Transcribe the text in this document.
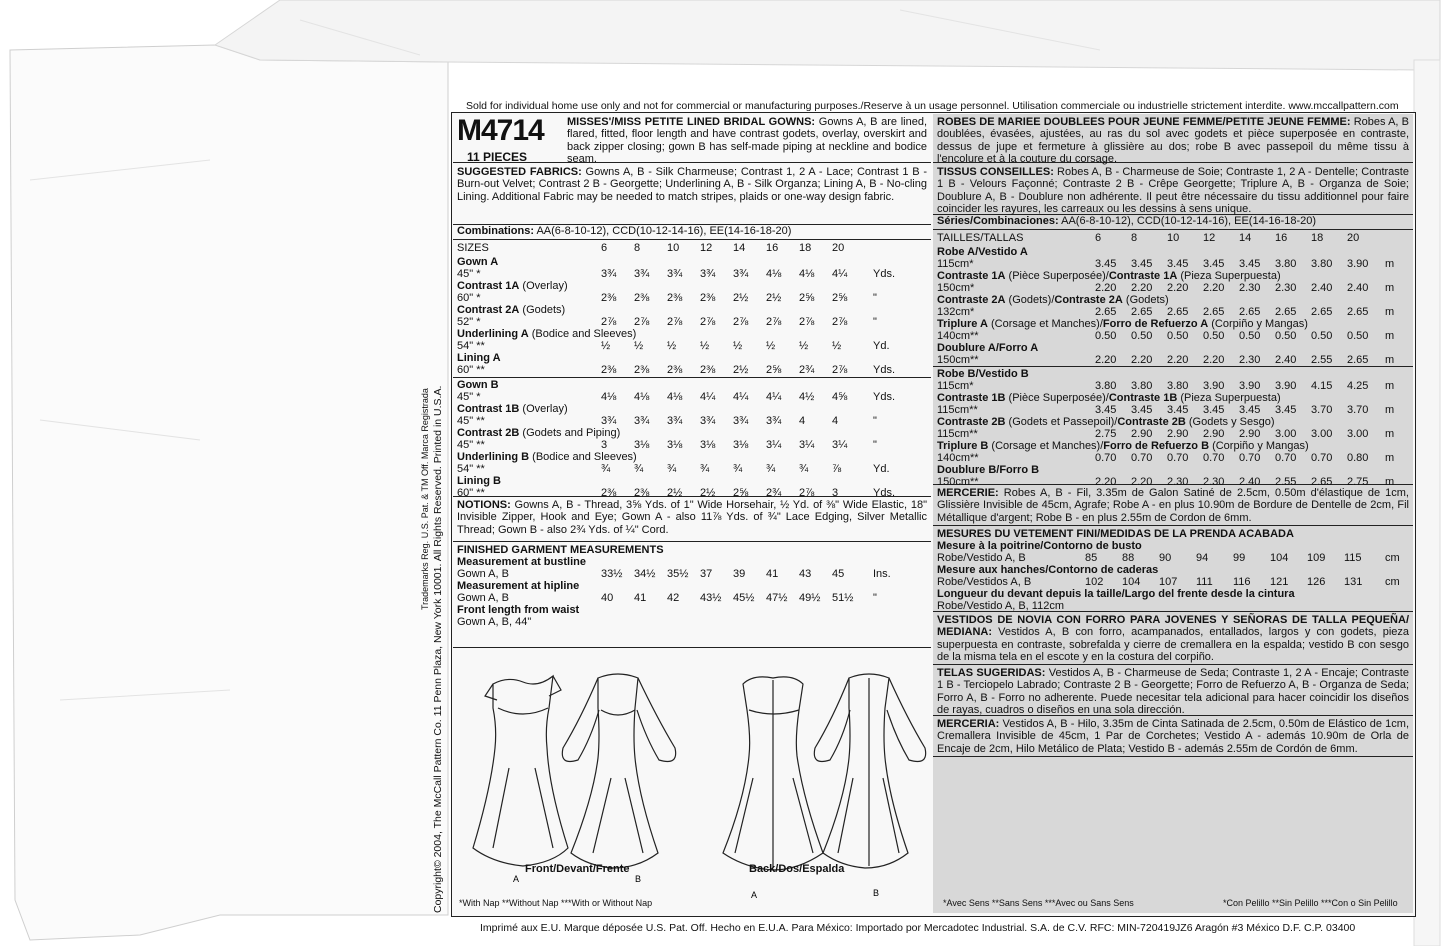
Sold for individual home use only and not for commercial or manufacturing purposes./Reserve à un usage personnel. Utilisation commerciale ou industrielle strictement interdite. www.mccallpattern.com
Copyright© 2004, The McCall Pattern Co. 11 Penn Plaza, New York 10001. All Rights Reserved. Printed in U.S.A.
Trademarks Reg. U.S. Pat. & TM Off. Marca Registrada
M4714
11 PIECES
MISSES'/MISS PETITE LINED BRIDAL GOWNS: Gowns A, B are lined, flared, fitted, floor length and have contrast godets, overlay, overskirt and back zipper closing; gown B has self-made piping at neckline and bodice seam.
SUGGESTED FABRICS: Gowns A, B - Silk Charmeuse; Contrast 1, 2 A - Lace; Contrast 1 B - Burn-out Velvet; Contrast 2 B - Georgette; Underlining A, B - Silk Organza; Lining A, B - No-cling Lining. Additional Fabric may be needed to match stripes, plaids or one-way design fabric.
Combinations: AA(6-8-10-12), CCD(10-12-14-16), EE(14-16-18-20)
SIZES	6 8 10 12 14 16 18 20
Gown A
45" *	3¾ 3¾ 3¾ 3¾ 3¾ 4⅛ 4⅛ 4¼ Yds.
Contrast 1A (Overlay)
60" *	2⅜ 2⅜ 2⅜ 2⅜ 2½ 2½ 2⅝ 2⅝ "
Contrast 2A (Godets)
52" *	2⅞ 2⅞ 2⅞ 2⅞ 2⅞ 2⅞ 2⅞ 2⅞ "
Underlining A (Bodice and Sleeves)
54" **	½ ½ ½ ½ ½ ½ ½ ½	Yd.
Lining A
60" **	2⅜ 2⅜ 2⅜ 2⅜ 2½ 2⅝ 2¾ 2⅞ Yds.
Gown B
45" *	4⅛ 4⅛ 4⅛ 4¼ 4¼ 4¼ 4½ 4⅝ Yds.
Contrast 1B (Overlay)
45" **	3¾ 3¾ 3¾ 3¾ 3¾ 3¾ 4 4	"
Contrast 2B (Godets and Piping)
45" **	3 3⅛ 3⅛ 3⅛ 3⅛ 3¼ 3¼ 3¼ "
Underlining B (Bodice and Sleeves)
54" **	¾ ¾ ¾ ¾ ¾ ¾ ¾ ⅞	Yd.
Lining B
60" **	2⅜ 2⅜ 2½ 2½ 2⅝ 2¾ 2⅞ 3	Yds.
NOTIONS: Gowns A, B - Thread, 3⅝ Yds. of 1" Wide Horsehair, ½ Yd. of ⅜" Wide Elastic, 18" Invisible Zipper, Hook and Eye; Gown A - also 11⅞ Yds. of ¾" Lace Edging, Silver Metallic Thread; Gown B - also 2¾ Yds. of ¼" Cord.
FINISHED GARMENT MEASUREMENTS
Measurement at bustline
Gown A, B	33½ 34½ 35½ 37 39 41 43 45	Ins.
Measurement at hipline
Gown A, B	40 41 42 43½ 45½ 47½ 49½ 51½ "
Front length from waist
Gown A, B, 44"
A	B
A	B
Front/Devant/Frente	Back/Dos/Espalda
*With Nap **Without Nap ***With or Without Nap
ROBES DE MARIEE DOUBLEES POUR JEUNE FEMME/PETITE JEUNE FEMME: Robes A, B doublées, évasées, ajustées, au ras du sol avec godets et pièce superposée en contraste, dessus de jupe et fermeture à glissière au dos; robe B avec passepoil du même tissu à l'encolure et à la couture du corsage.
TISSUS CONSEILLES: Robes A, B - Charmeuse de Soie; Contraste 1, 2 A - Dentelle; Contraste 1 B - Velours Façonné; Contraste 2 B - Crêpe Georgette; Triplure A, B - Organza de Soie; Doublure A, B - Doublure non adhérente. Il peut être nécessaire du tissu additionnel pour faire coincider les rayures, les carreaux ou les dessins à sens unique.
Séries/Combinaciones: AA(6-8-10-12), CCD(10-12-14-16), EE(14-16-18-20)
TAILLES/TALLAS	6	8	10 12 14 16 18 20
Robe A/Vestido A
115cm*	3.45 3.45 3.45 3.45 3.45 3.80 3.80 3.90 m
Contraste 1A (Pièce Superposée)/Contraste 1A (Pieza Superpuesta)
150cm*	2.20 2.20 2.20 2.20 2.30 2.30 2.40 2.40 m
Contraste 2A (Godets)/Contraste 2A (Godets)
132cm*	2.65 2.65 2.65 2.65 2.65 2.65 2.65 2.65 m
Triplure A (Corsage et Manches)/Forro de Refuerzo A (Corpiño y Mangas)
140cm**	0.50 0.50 0.50 0.50 0.50 0.50 0.50 0.50 m
Doublure A/Forro A
150cm**	2.20 2.20 2.20 2.20 2.30 2.40 2.55 2.65 m
Robe B/Vestido B
115cm*	3.80 3.80 3.80 3.90 3.90 3.90 4.15 4.25 m
Contraste 1B (Pièce Superposée)/Contraste 1B (Pieza Superpuesta)
115cm**	3.45 3.45 3.45 3.45 3.45 3.45 3.70 3.70 m
Contraste 2B (Godets et Passepoil)/Contraste 2B (Godets y Sesgo)
115cm**	2.75 2.90 2.90 2.90 2.90 3.00 3.00 3.00 m
Triplure B (Corsage et Manches)/Forro de Refuerzo B (Corpiño y Mangas)
140cm**	0.70 0.70 0.70 0.70 0.70 0.70 0.70 0.80 m
Doublure B/Forro B
150cm**	2.20 2.20 2.30 2.30 2.40 2.55 2.65 2.75 m
MERCERIE: Robes A, B - Fil, 3.35m de Galon Satiné de 2.5cm, 0.50m d'élastique de 1cm, Glissière Invisible de 45cm, Agrafe; Robe A - en plus 10.90m de Bordure de Dentelle de 2cm, Fil Métallique d'argent; Robe B - en plus 2.55m de Cordon de 6mm.
MESURES DU VETEMENT FINI/MEDIDAS DE LA PRENDA ACABADA
Mesure à la poitrine/Contorno de busto
Robe/Vestido A, B	85 88 90 94 99 104 109 115 cm
Mesure aux hanches/Contorno de caderas
Robe/Vestidos A, B	102 104 107 111 116 121 126 131 cm
Longueur du devant depuis la taille/Largo del frente desde la cintura
Robe/Vestido A, B, 112cm
VESTIDOS DE NOVIA CON FORRO PARA JOVENES Y SEÑORAS DE TALLA PEQUEÑA/ MEDIANA: Vestidos A, B con forro, acampanados, entallados, largos y con godets, pieza superpuesta en contraste, sobrefalda y cierre de cremallera en la espalda; vestido B con sesgo de la misma tela en el escote y en la costura del corpiño.
TELAS SUGERIDAS: Vestidos A, B - Charmeuse de Seda; Contraste 1, 2 A - Encaje; Contraste 1 B - Terciopelo Labrado; Contraste 2 B - Georgette; Forro de Refuerzo A, B - Organza de Seda; Forro A, B - Forro no adherente. Puede necesitar tela adicional para hacer coincidir los diseños de rayas, cuadros o diseños en una sola dirección.
MERCERIA: Vestidos A, B - Hilo, 3.35m de Cinta Satinada de 2.5cm, 0.50m de Elástico de 1cm, Cremallera Invisible de 45cm, 1 Par de Corchetes; Vestido A - además 10.90m de Orla de Encaje de 2cm, Hilo Metálico de Plata; Vestido B - además 2.55m de Cordón de 6mm.
*Avec Sens **Sans Sens ***Avec ou Sans Sens	*Con Pelillo **Sin Pelillo ***Con o Sin Pelillo
Imprimé aux E.U. Marque déposée U.S. Pat. Off. Hecho en E.U.A. Para México: Importado por Mercadotec Industrial. S.A. de C.V. RFC: MIN-720419JZ6 Aragón #3 México D.F. C.P. 03400
